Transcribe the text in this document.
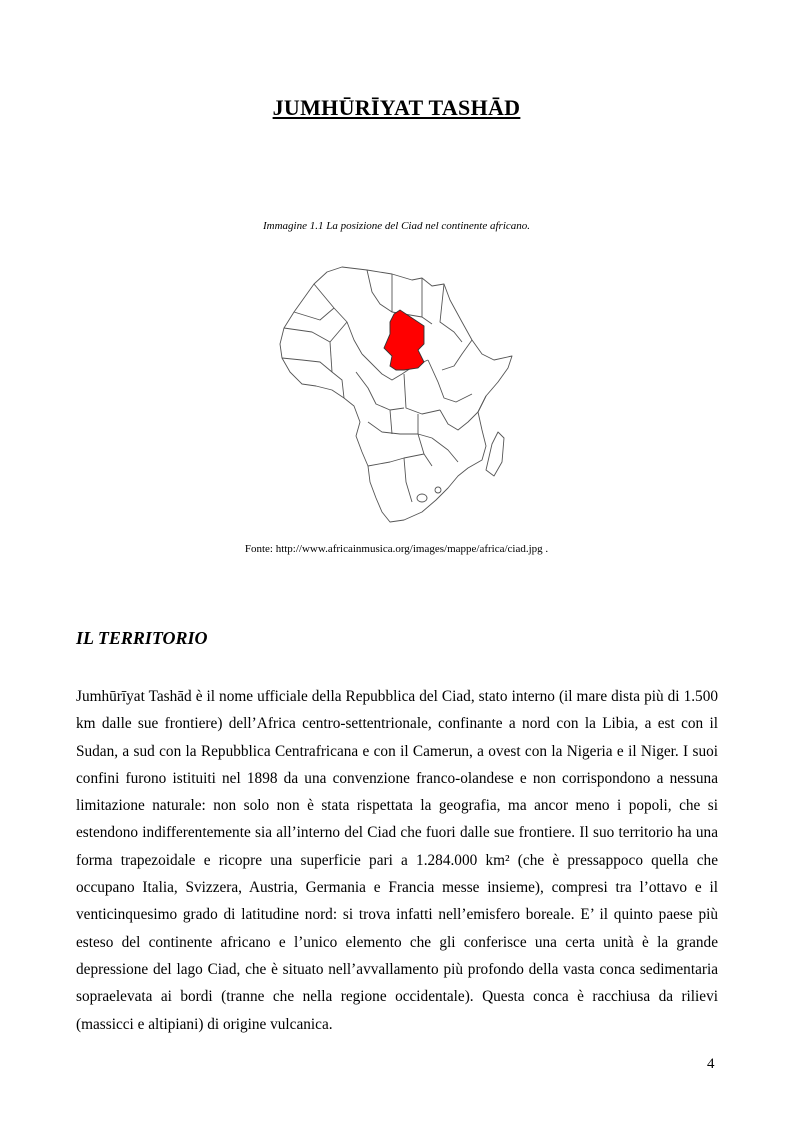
JUMHŪRĪYAT TASHĀD
Immagine 1.1 La posizione del Ciad nel continente africano.
Fonte: http://www.africainmusica.org/images/mappe/africa/ciad.jpg .
IL TERRITORIO

Jumhūrīyat Tashād è il nome ufficiale della Repubblica del Ciad, stato interno (il mare dista più di 1.500 km dalle sue frontiere) dell’Africa centro-settentrionale, confinante a nord con la Libia, a est con il Sudan, a sud con la Repubblica Centrafricana e con il Camerun, a ovest con la Nigeria e il Niger. I suoi confini furono istituiti nel 1898 da una convenzione franco-olandese e non corrispondono a nessuna limitazione naturale: non solo non è stata rispettata la geografia, ma ancor meno i popoli, che si estendono indifferentemente sia all’interno del Ciad che fuori dalle sue frontiere. Il suo territorio ha una forma trapezoidale e ricopre una superficie pari a 1.284.000 km² (che è pressappoco quella che occupano Italia, Svizzera, Austria, Germania e Francia messe insieme), compresi tra l’ottavo e il venticinquesimo grado di latitudine nord: si trova infatti nell’emisfero boreale. E’ il quinto paese più esteso del continente africano e l’unico elemento che gli conferisce una certa unità è la grande depressione del lago Ciad, che è situato nell’avvallamento più profondo della vasta conca sedimentaria sopraelevata ai bordi (tranne che nella regione occidentale). Questa conca è racchiusa da rilievi (massicci e altipiani) di origine vulcanica.

4
